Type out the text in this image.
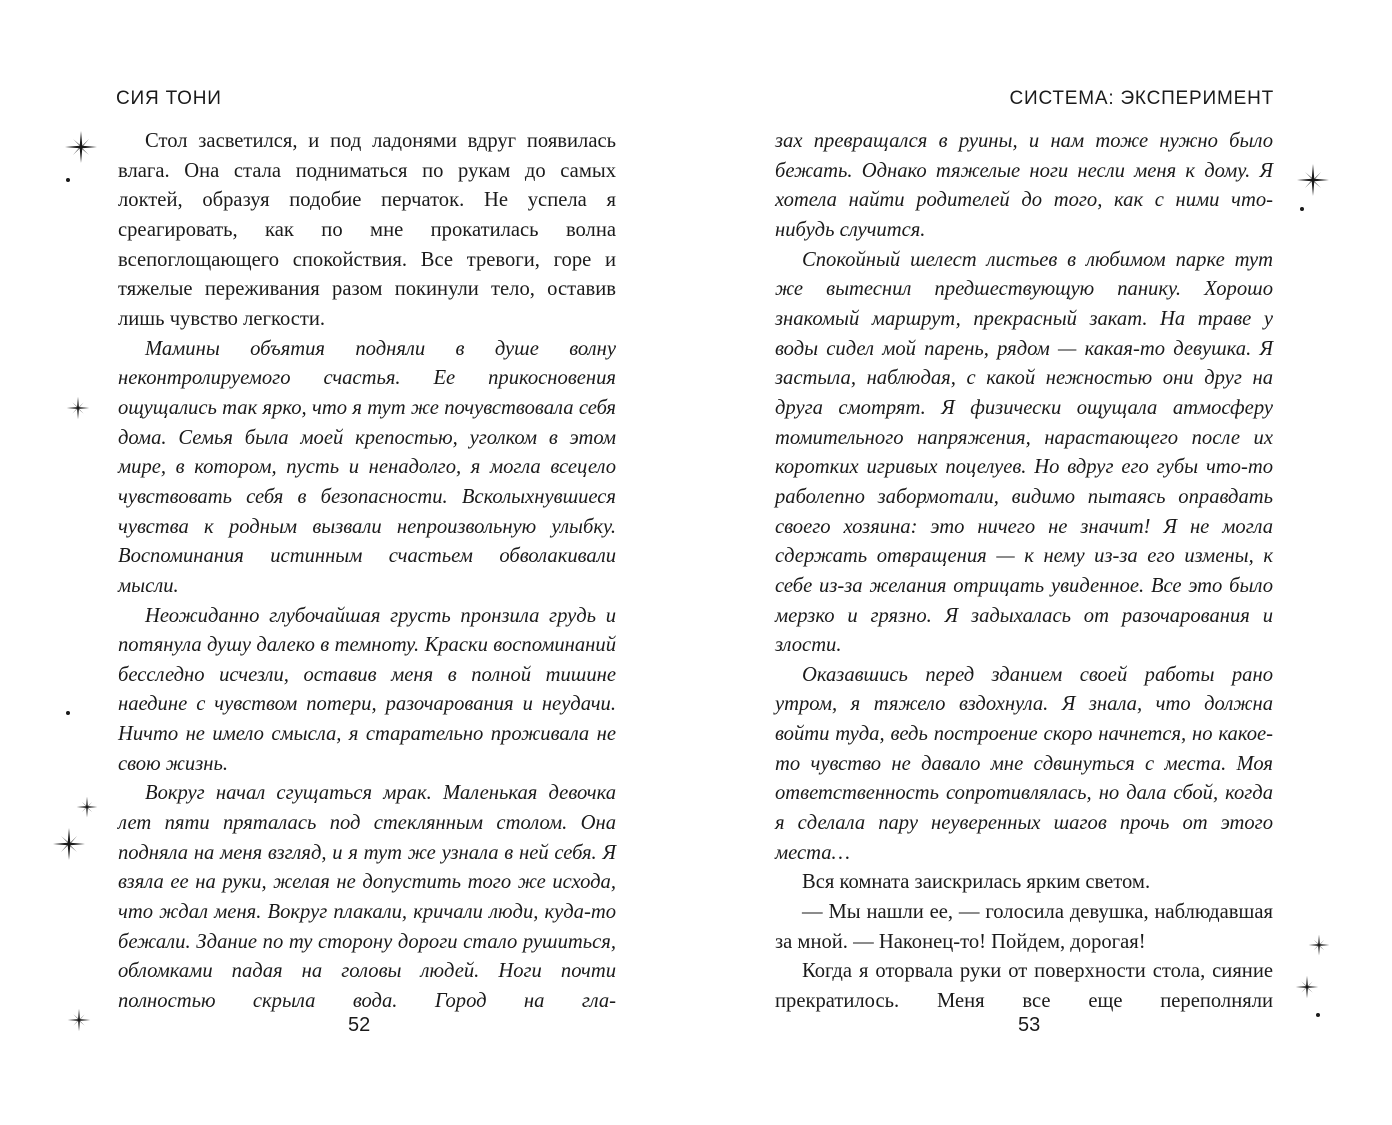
СИЯ ТОНИ

Стол засветился, и под ладонями вдруг появилась влага. Она стала подниматься по рукам до самых локтей, образуя подобие перчаток. Не успела я среагировать, как по мне прокатилась волна всепоглощающего спокойствия. Все тревоги, горе и тяжелые переживания разом покинули тело, оставив лишь чувство легкости.

Мамины объятия подняли в душе волну неконтролируемого счастья. Ее прикосновения ощущались так ярко, что я тут же почувствовала себя дома. Семья была моей крепостью, уголком в этом мире, в котором, пусть и ненадолго, я могла всецело чувствовать себя в безопасности. Всколыхнувшиеся чувства к родным вызвали непроизвольную улыбку. Воспоминания истинным счастьем обволакивали мысли.

Неожиданно глубочайшая грусть пронзила грудь и потянула душу далеко в темноту. Краски воспоминаний бесследно исчезли, оставив меня в полной тишине наедине с чувством потери, разочарования и неудачи. Ничто не имело смысла, я старательно проживала не свою жизнь.

Вокруг начал сгущаться мрак. Маленькая девочка лет пяти пряталась под стеклянным столом. Она подняла на меня взгляд, и я тут же узнала в ней себя. Я взяла ее на руки, желая не допустить того же исхода, что ждал меня. Вокруг плакали, кричали люди, куда-то бежали. Здание по ту сторону дороги стало рушиться, обломками падая на головы людей. Ноги почти полностью скрыла вода. Город на гла-

52
СИСТЕМА: ЭКСПЕРИМЕНТ

зах превращался в руины, и нам тоже нужно было бежать. Однако тяжелые ноги несли меня к дому. Я хотела найти родителей до того, как с ними что-нибудь случится.

Спокойный шелест листьев в любимом парке тут же вытеснил предшествующую панику. Хорошо знакомый маршрут, прекрасный закат. На траве у воды сидел мой парень, рядом — какая-то девушка. Я застыла, наблюдая, с какой нежностью они друг на друга смотрят. Я физически ощущала атмосферу томительного напряжения, нарастающего после их коротких игривых поцелуев. Но вдруг его губы что-то раболепно забормотали, видимо пытаясь оправдать своего хозяина: это ничего не значит! Я не могла сдержать отвращения — к нему из-за его измены, к себе из-за желания отрицать увиденное. Все это было мерзко и грязно. Я задыхалась от разочарования и злости.

Оказавшись перед зданием своей работы рано утром, я тяжело вздохнула. Я знала, что должна войти туда, ведь построение скоро начнется, но какое-то чувство не давало мне сдвинуться с места. Моя ответственность сопротивлялась, но дала сбой, когда я сделала пару неуверенных шагов прочь от этого места…

Вся комната заискрилась ярким светом.

— Мы нашли ее, — голосила девушка, наблюдавшая за мной. — Наконец-то! Пойдем, дорогая!

Когда я оторвала руки от поверхности стола, сияние прекратилось. Меня все еще переполняли

53
